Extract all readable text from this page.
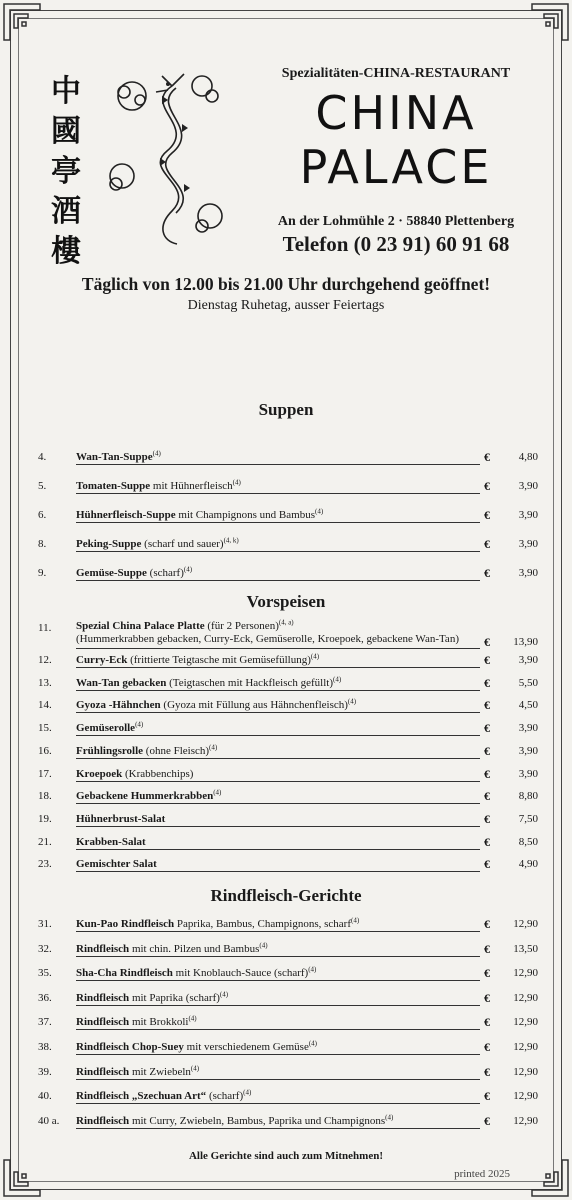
中
國
亭
酒
樓
Spezialitäten-CHINA-RESTAURANT
CHINA
PALACE
An der Lohmühle 2 · 58840 Plettenberg
Telefon (0 23 91) 60 91 68
Täglich von 12.00 bis 21.00 Uhr durchgehend geöffnet!
Dienstag Ruhetag, ausser Feiertags
Suppen
4.	Wan-Tan-Suppe$^{(4)}$	€	4,80
5.	Tomaten-Suppe mit Hühnerfleisch$^{(4)}$	€	3,90
6.	Hühnerfleisch-Suppe mit Champignons und Bambus$^{(4)}$	€	3,90
8.	Peking-Suppe (scharf und sauer)$^{(4, k)}$	€	3,90
9.	Gemüse-Suppe (scharf)$^{(4)}$	€	3,90
Vorspeisen
11.	Spezial China Palace Platte (für 2 Personen)$^{(4, a)}$
(Hummerkrabben gebacken, Curry-Eck, Gemüserolle, Kroepoek, gebackene Wan-Tan)	€	13,90
12.	Curry-Eck (frittierte Teigtasche mit Gemüsefüllung)$^{(4)}$	€	3,90
13.	Wan-Tan gebacken (Teigtaschen mit Hackfleisch gefüllt)$^{(4)}$	€	5,50
14.	Gyoza -Hähnchen (Gyoza mit Füllung aus Hähnchenfleisch)$^{(4)}$	€	4,50
15.	Gemüserolle$^{(4)}$	€	3,90
16.	Frühlingsrolle (ohne Fleisch)$^{(4)}$	€	3,90
17.	Kroepoek (Krabbenchips)	€	3,90
18.	Gebackene Hummerkrabben$^{(4)}$	€	8,80
19.	Hühnerbrust-Salat	€	7,50
21.	Krabben-Salat	€	8,50
23.	Gemischter Salat	€	4,90
Rindfleisch-Gerichte
31.	Kun-Pao Rindfleisch Paprika, Bambus, Champignons, scharf$^{(4)}$	€	12,90
32.	Rindfleisch mit chin. Pilzen und Bambus$^{(4)}$	€	13,50
35.	Sha-Cha Rindfleisch mit Knoblauch-Sauce (scharf)$^{(4)}$	€	12,90
36.	Rindfleisch mit Paprika (scharf)$^{(4)}$	€	12,90
37.	Rindfleisch mit Brokkoli$^{(4)}$	€	12,90
38.	Rindfleisch Chop-Suey mit verschiedenem Gemüse$^{(4)}$	€	12,90
39.	Rindfleisch mit Zwiebeln$^{(4)}$	€	12,90
40.	Rindfleisch „Szechuan Art“ (scharf)$^{(4)}$	€	12,90
40 a.	Rindfleisch mit Curry, Zwiebeln, Bambus, Paprika und Champignons$^{(4)}$	€	12,90
Alle Gerichte sind auch zum Mitnehmen!
printed 2025
